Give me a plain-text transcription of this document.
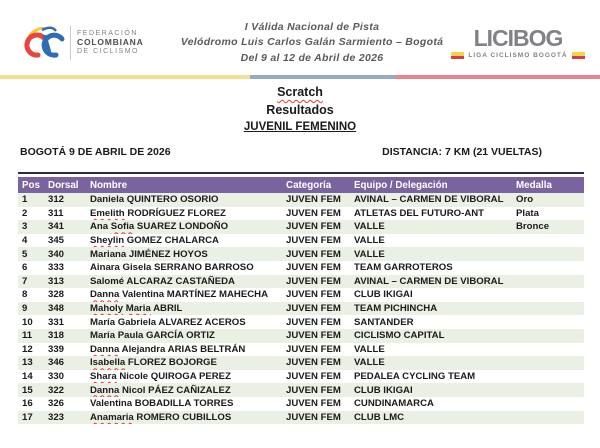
FEDERACIÓN
COLOMBIANA
DE CICLISMO
I Válida Nacional de Pista
Velódromo Luis Carlos Galán Sarmiento – Bogotá
Del 9 al 12 de Abril de 2026
LICIBOG
LIGA CICLISMO BOGOTÁ
Scratch
Resultados
JUVENIL FEMENINO
BOGOTÁ 9 DE ABRIL DE 2026	DISTANCIA: 7 KM (21 VUELTAS)
Pos	Dorsal	Nombre	Categoría	Equipo / Delegación	Medalla
1	312	Daniela QUINTERO OSORIO	JUVEN FEM	AVINAL – CARMEN DE VIBORAL	Oro
2	311	Emelith RODRÍGUEZ FLOREZ	JUVEN FEM	ATLETAS DEL FUTURO-ANT	Plata
3	341	Ana Sofia SUAREZ LONDOÑO	JUVEN FEM	VALLE	Bronce
4	345	Sheylin GOMEZ CHALARCA	JUVEN FEM	VALLE	
5	340	Mariana JIMÉNEZ HOYOS	JUVEN FEM	VALLE	
6	333	Ainara Gisela SERRANO BARROSO	JUVEN FEM	TEAM GARROTEROS	
7	313	Salomé ALCARAZ CASTAÑEDA	JUVEN FEM	AVINAL – CARMEN DE VIBORAL	
8	328	Danna Valentina MARTÍNEZ MAHECHA	JUVEN FEM	CLUB IKIGAI	
9	348	Maholy Maria ABRIL	JUVEN FEM	TEAM PICHINCHA	
10	331	María Gabriela ALVAREZ ACEROS	JUVEN FEM	SANTANDER	
11	318	María Paula GARCÍA ORTIZ	JUVEN FEM	CICLISMO CAPITAL	
12	339	Danna Alejandra ARIAS BELTRÁN	JUVEN FEM	VALLE	
13	346	Isabella FLOREZ BOJORGE	JUVEN FEM	VALLE	
14	330	Shara Nicole QUIROGA PEREZ	JUVEN FEM	PEDALEA CYCLING TEAM	
15	322	Danna Nicol PÁEZ CAÑIZALEZ	JUVEN FEM	CLUB IKIGAI	
16	326	Valentina BOBADILLA TORRES	JUVEN FEM	CUNDINAMARCA	
17	323	Anamaria ROMERO CUBILLOS	JUVEN FEM	CLUB LMC	
